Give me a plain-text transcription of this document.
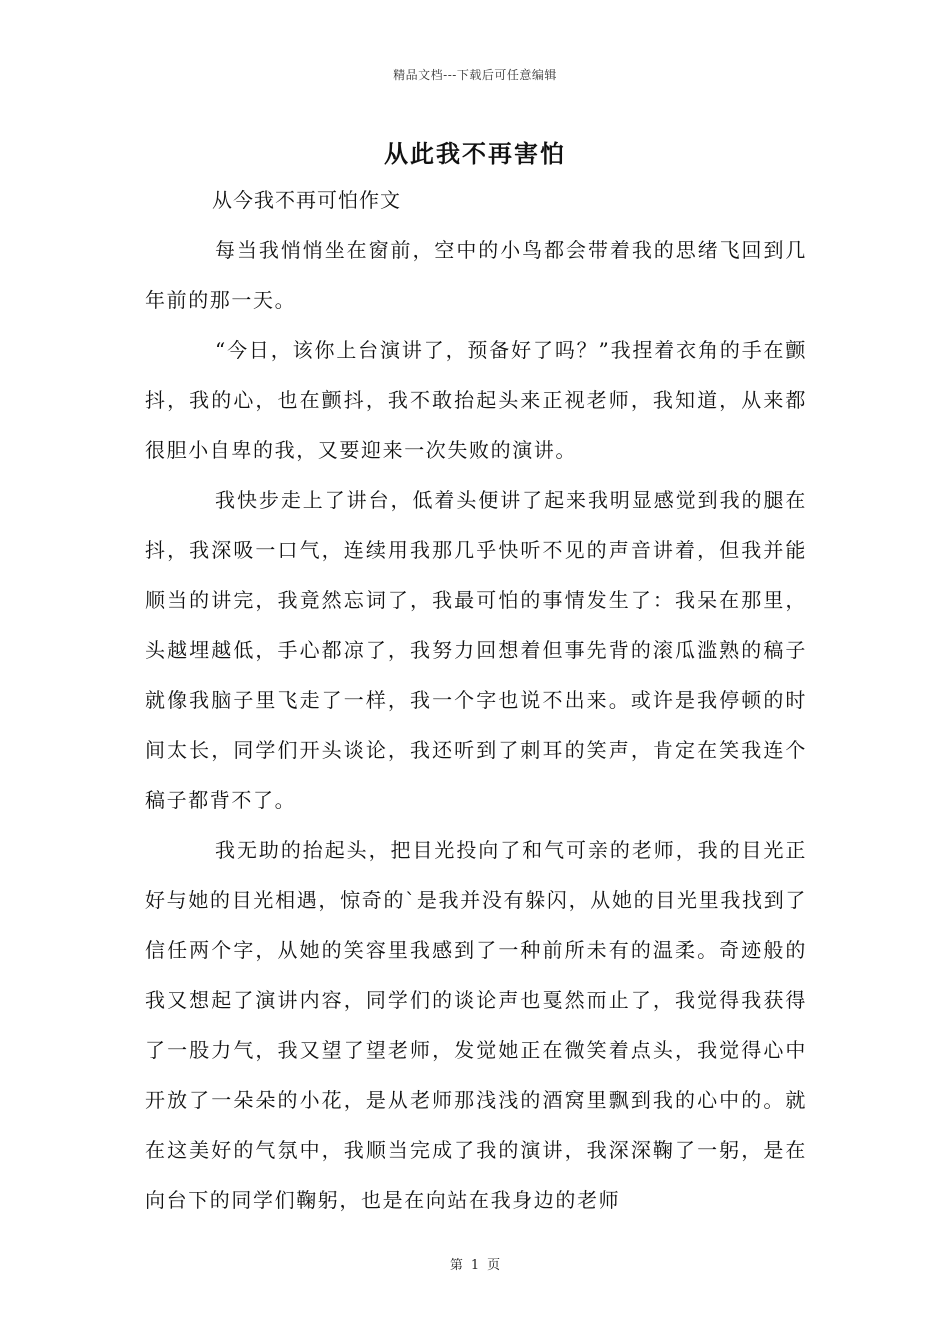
精品文档---下载后可任意编辑
从此我不再害怕

从今我不再可怕作文

每当我悄悄坐在窗前，空中的小鸟都会带着我的思绪飞回到几年前的那一天。

“今日，该你上台演讲了，预备好了吗？”我捏着衣角的手在颤抖，我的心，也在颤抖，我不敢抬起头来正视老师，我知道，从来都很胆小自卑的我，又要迎来一次失败的演讲。

我快步走上了讲台，低着头便讲了起来我明显感觉到我的腿在抖，我深吸一口气，连续用我那几乎快听不见的声音讲着，但我并能顺当的讲完，我竟然忘词了，我最可怕的事情发生了：我呆在那里，头越埋越低，手心都凉了，我努力回想着但事先背的滚瓜滥熟的稿子就像我脑子里飞走了一样，我一个字也说不出来。或许是我停顿的时间太长，同学们开头谈论，我还听到了刺耳的笑声，肯定在笑我连个稿子都背不了。

我无助的抬起头，把目光投向了和气可亲的老师，我的目光正好与她的目光相遇，惊奇的`是我并没有躲闪，从她的目光里我找到了信任两个字，从她的笑容里我感到了一种前所未有的温柔。奇迹般的我又想起了演讲内容，同学们的谈论声也戛然而止了，我觉得我获得了一股力气，我又望了望老师，发觉她正在微笑着点头，我觉得心中开放了一朵朵的小花，是从老师那浅浅的酒窝里飘到我的心中的。就在这美好的气氛中，我顺当完成了我的演讲，我深深鞠了一躬，是在向台下的同学们鞠躬，也是在向站在我身边的老师

第 1 页
